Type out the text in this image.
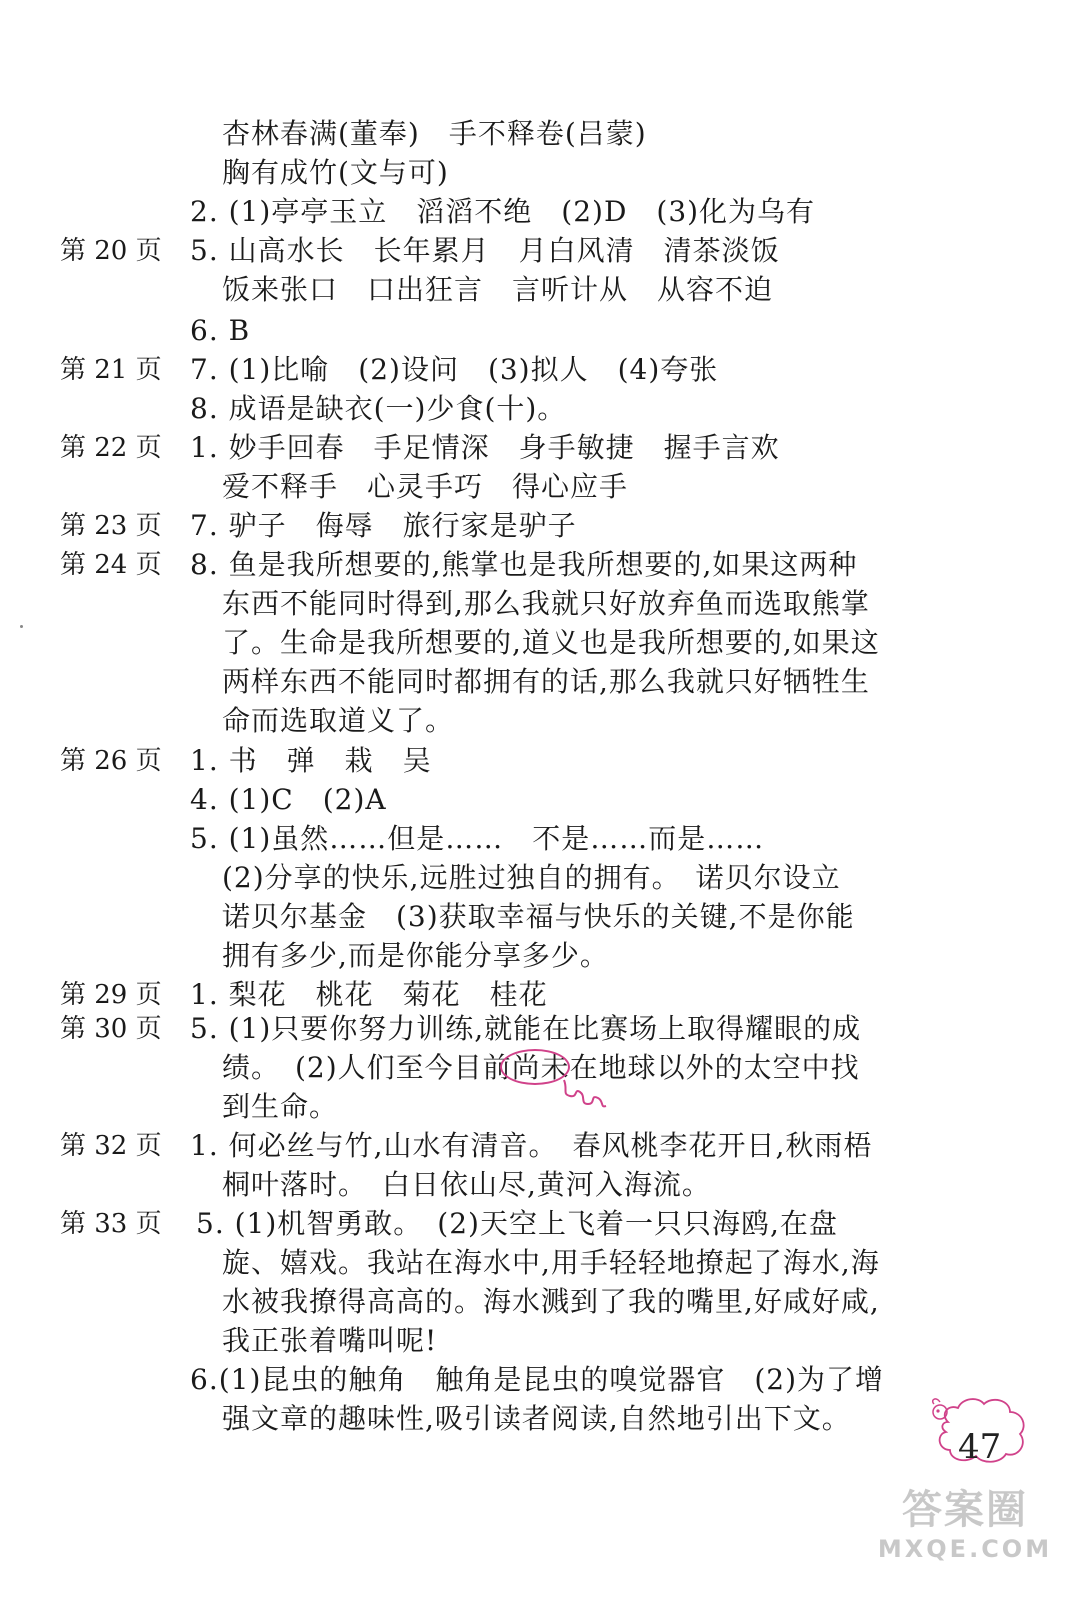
杏林春满(董奉)　手不释卷(吕蒙)
胸有成竹(文与可)
2. (1)亭亭玉立　滔滔不绝　(2)D　(3)化为乌有
第 20 页 5. 山高水长　长年累月　月白风清　清茶淡饭
饭来张口　口出狂言　言听计从　从容不迫
6. B
第 21 页 7. (1)比喻　(2)设问　(3)拟人　(4)夸张
8. 成语是缺衣(一)少食(十)。
第 22 页 1. 妙手回春　手足情深　身手敏捷　握手言欢
爱不释手　心灵手巧　得心应手
第 23 页 7. 驴子　侮辱　旅行家是驴子
第 24 页 8. 鱼是我所想要的,熊掌也是我所想要的,如果这两种
东西不能同时得到,那么我就只好放弃鱼而选取熊掌
了。生命是我所想要的,道义也是我所想要的,如果这
两样东西不能同时都拥有的话,那么我就只好牺牲生
命而选取道义了。
第 26 页 1. 书　弹　栽　吴
4. (1)C　(2)A
5. (1)虽然……但是……　不是……而是……
(2)分享的快乐,远胜过独自的拥有。　诺贝尔设立
诺贝尔基金　(3)获取幸福与快乐的关键,不是你能
拥有多少,而是你能分享多少。
第 29 页 1. 梨花　桃花　菊花　桂花
第 30 页 5. (1)只要你努力训练,就能在比赛场上取得耀眼的成
绩。　(2)人们至今目前尚未在地球以外的太空中找
到生命。
第 32 页 1. 何必丝与竹,山水有清音。　春风桃李花开日,秋雨梧
桐叶落时。　白日依山尽,黄河入海流。
第 33 页 5. (1)机智勇敢。　(2)天空上飞着一只只海鸥,在盘
旋、嬉戏。我站在海水中,用手轻轻地撩起了海水,海
水被我撩得高高的。海水溅到了我的嘴里,好咸好咸,
我正张着嘴叫呢!
6.(1)昆虫的触角　触角是昆虫的嗅觉器官　(2)为了增
强文章的趣味性,吸引读者阅读,自然地引出下文。
47
答案圈
MXQE.COM
